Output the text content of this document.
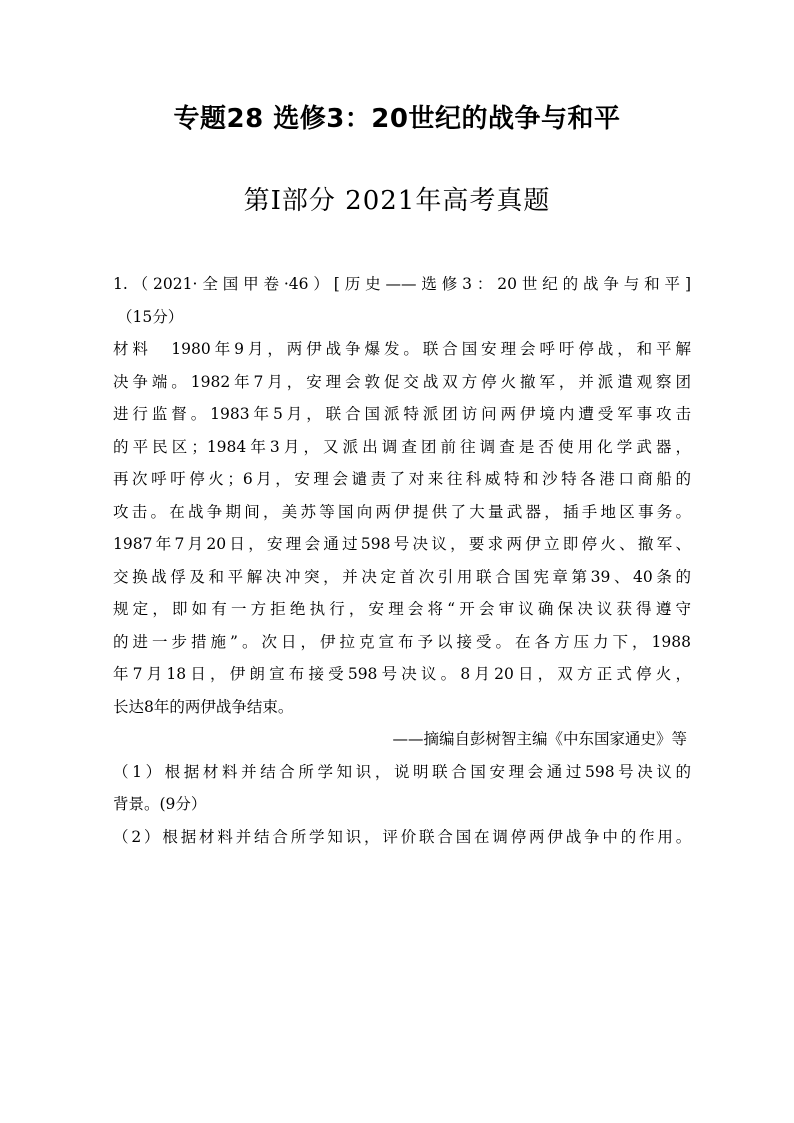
专题28 选修3：20世纪的战争与和平
第Ⅰ部分 2021年高考真题
1.（2021·全国甲卷·46）[历史——选修3：20世纪的战争与和平]
（15分）
材料　1980年9月，两伊战争爆发。联合国安理会呼吁停战，和平解
决争端。1982年7月，安理会敦促交战双方停火撤军，并派遣观察团
进行监督。1983年5月，联合国派特派团访问两伊境内遭受军事攻击
的平民区；1984年3月，又派出调查团前往调查是否使用化学武器，
再次呼吁停火；6月，安理会谴责了对来往科威特和沙特各港口商船的
攻击。在战争期间，美苏等国向两伊提供了大量武器，插手地区事务。
1987年7月20日，安理会通过598号决议，要求两伊立即停火、撤军、
交换战俘及和平解决冲突，并决定首次引用联合国宪章第39、40条的
规定，即如有一方拒绝执行，安理会将“开会审议确保决议获得遵守
的进一步措施”。次日，伊拉克宣布予以接受。在各方压力下，1988
年7月18日，伊朗宣布接受598号决议。8月20日，双方正式停火，
长达8年的两伊战争结束。
——摘编自彭树智主编《中东国家通史》等
（1）根据材料并结合所学知识，说明联合国安理会通过598号决议的
背景。(9分）
（2）根据材料并结合所学知识，评价联合国在调停两伊战争中的作用。
